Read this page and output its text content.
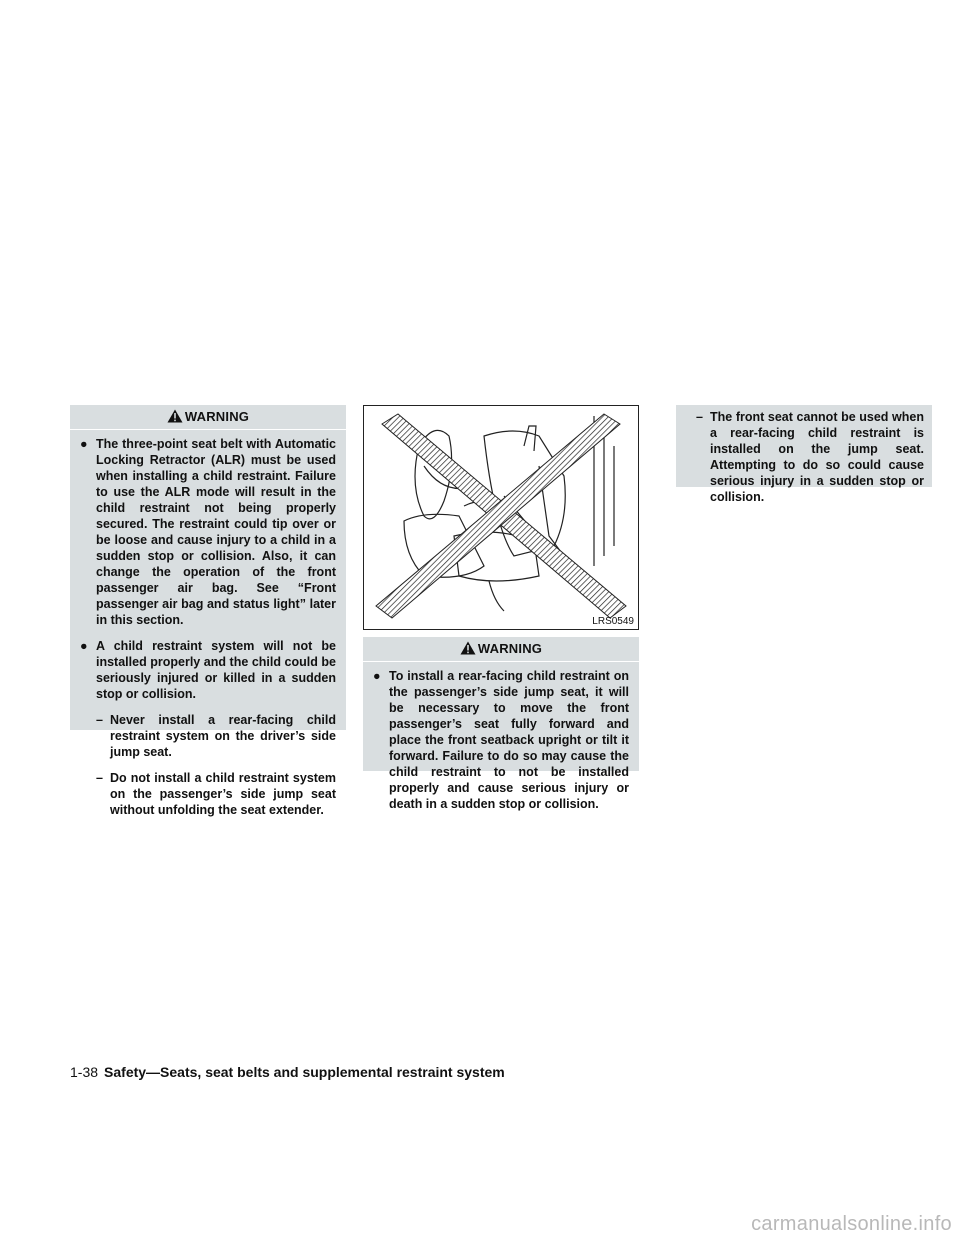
WARNING
● The three-point seat belt with Automatic Locking Retractor (ALR) must be used when installing a child restraint. Failure to use the ALR mode will result in the child restraint not being properly secured. The restraint could tip over or be loose and cause injury to a child in a sudden stop or collision. Also, it can change the operation of the front passenger air bag. See “Front passenger air bag and status light” later in this section.
● A child restraint system will not be installed properly and the child could be seriously injured or killed in a sudden stop or collision.
– Never install a rear-facing child restraint system on the driver’s side jump seat.
– Do not install a child restraint system on the passenger’s side jump seat without unfolding the seat extender.
LRS0549
WARNING
● To install a rear-facing child restraint on the passenger’s side jump seat, it will be necessary to move the front passenger’s seat fully forward and place the front seatback upright or tilt it forward. Failure to do so may cause the child restraint to not be installed properly and cause serious injury or death in a sudden stop or collision.
– The front seat cannot be used when a rear-facing child restraint is installed on the jump seat. Attempting to do so could cause serious injury in a sudden stop or collision.
1-38 Safety—Seats, seat belts and supplemental restraint system
carmanualsonline.info
